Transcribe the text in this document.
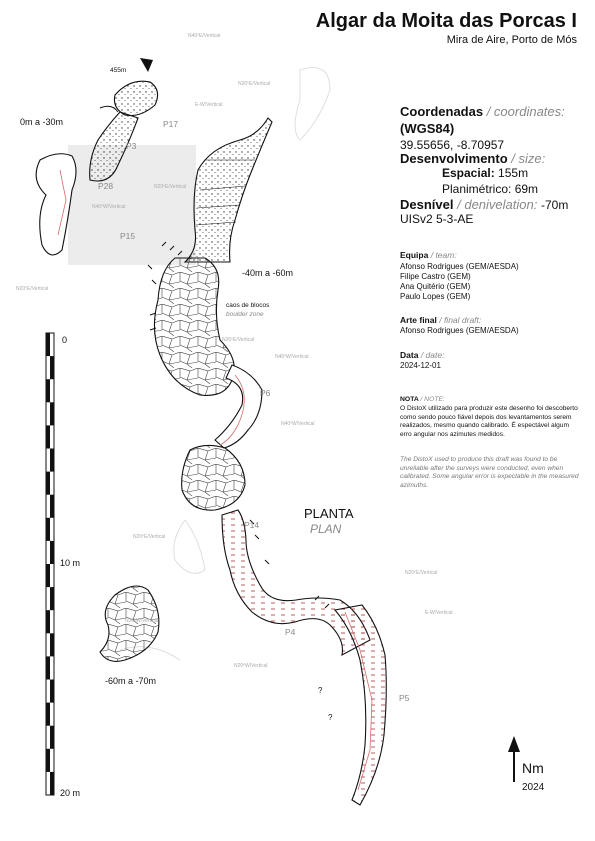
Algar da Moita das Porcas I
Mira de Aire, Porto de Mós
Coordenadas / coordinates:
(WGS84)
39.55656, -8.70957
Desenvolvimento / size:
Espacial: 155m
Planimétrico: 69m
Desnível / denivelation: -70m
UISv2 5-3-AE
Equipa / team:
Afonso Rodrigues (GEM/AESDA)
Filipe Castro (GEM)
Ana Quitério (GEM)
Paulo Lopes (GEM)
Arte final / final draft:
Afonso Rodrigues (GEM/AESDA)
Data / date:
2024-12-01
NOTA / NOTE:
O DistoX utilizado para produzir este desenho foi descoberto como sendo pouco fiável depois dos levantamentos serem realizados, mesmo quando calibrado. É espectável algum erro angular nos azimutes medidos.
The DistoX used to produce this draft was found to be unreliable after the surveys were conducted, even when calibrated. Some angular error is expectable in the measured azimuths.
PLANTA
PLAN
Nm
2024
0
10 m
20 m
0m a -30m
-40m a -60m
-60m a -70m
455m
caos de blocos
boulder zone
P17
P3
P28
P15
P6
P14
P4
P5
?
?
N40ºE/Vertical
N20ºE/Vertical
E-W/Vertical
N40ºW/Vertical
N20ºE/Vertical
N20ºE/Vertical
N40ºW/Vertical
N40ºW/Vertical
N20ºE/Vertical
N20ºE/Vertical
N20ºE/Vertical
E-W/Vertical
N20ºW/Vertical
N20ºW/Vertical
